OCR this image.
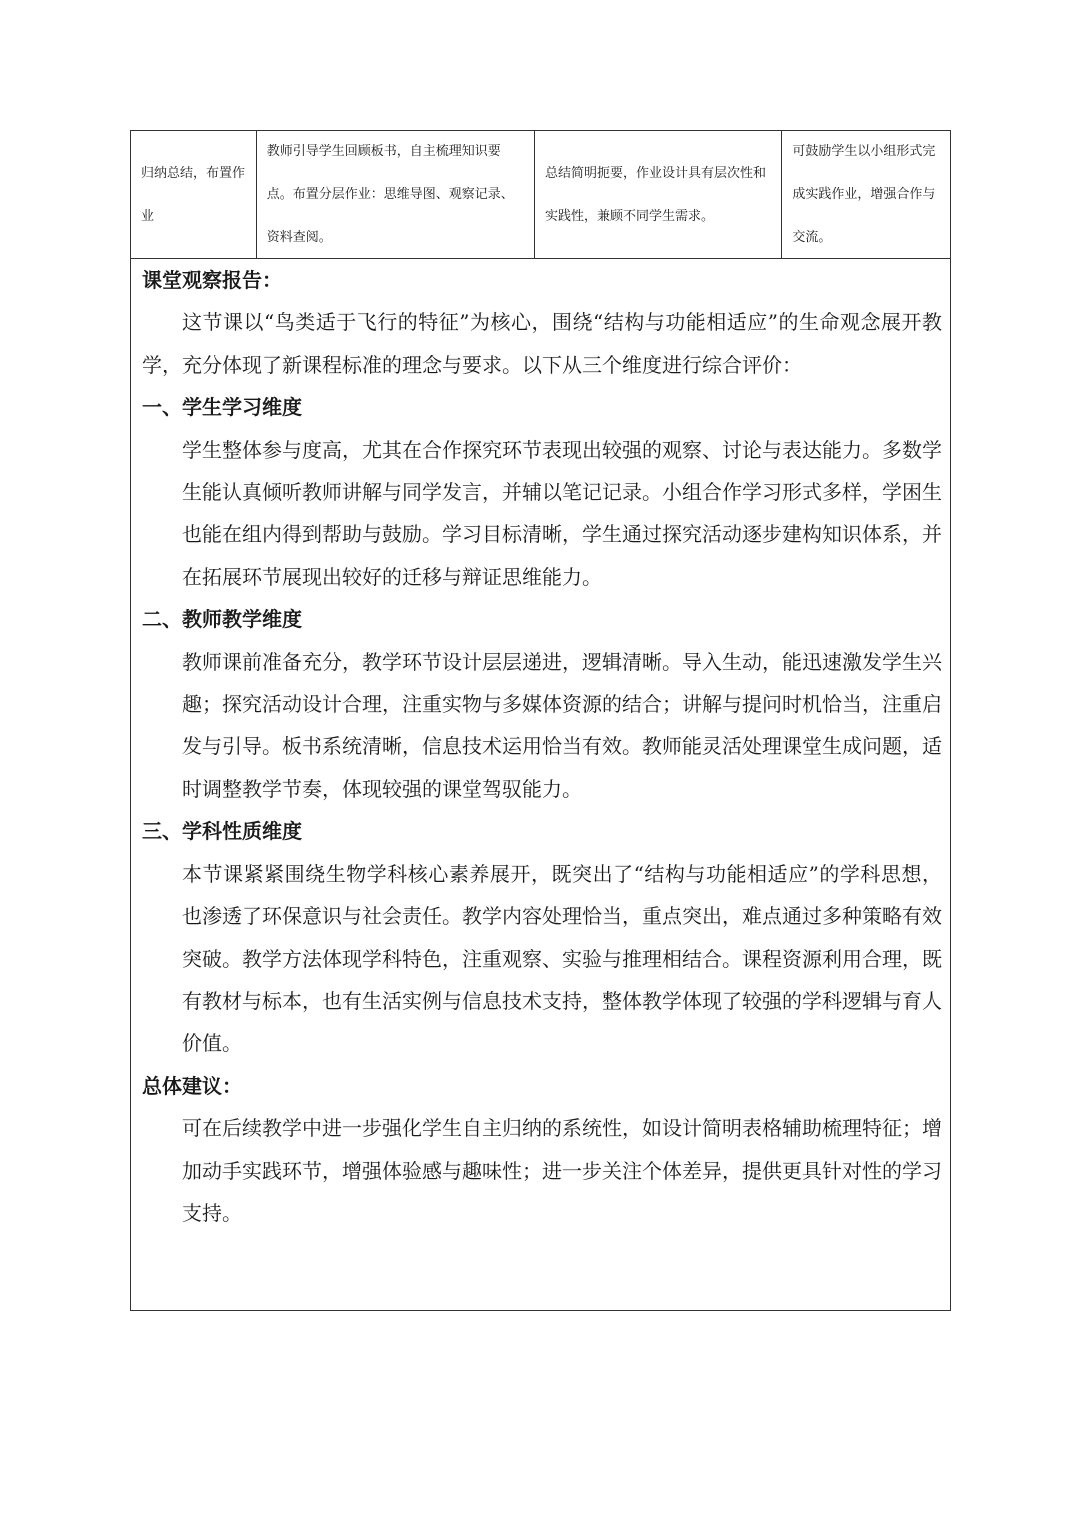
归纳总结，布置作业
教师引导学生回顾板书，自主梳理知识要点。布置分层作业：思维导图、观察记录、资料查阅。
总结简明扼要，作业设计具有层次性和实践性，兼顾不同学生需求。
可鼓励学生以小组形式完成实践作业，增强合作与交流。

课堂观察报告：

这节课以“鸟类适于飞行的特征”为核心，围绕“结构与功能相适应”的生命观念展开教学，充分体现了新课程标准的理念与要求。以下从三个维度进行综合评价：

一、学生学习维度

学生整体参与度高，尤其在合作探究环节表现出较强的观察、讨论与表达能力。多数学生能认真倾听教师讲解与同学发言，并辅以笔记记录。小组合作学习形式多样，学困生也能在组内得到帮助与鼓励。学习目标清晰，学生通过探究活动逐步建构知识体系，并在拓展环节展现出较好的迁移与辩证思维能力。

二、教师教学维度

教师课前准备充分，教学环节设计层层递进，逻辑清晰。导入生动，能迅速激发学生兴趣；探究活动设计合理，注重实物与多媒体资源的结合；讲解与提问时机恰当，注重启发与引导。板书系统清晰，信息技术运用恰当有效。教师能灵活处理课堂生成问题，适时调整教学节奏，体现较强的课堂驾驭能力。

三、学科性质维度

本节课紧紧围绕生物学科核心素养展开，既突出了“结构与功能相适应”的学科思想，也渗透了环保意识与社会责任。教学内容处理恰当，重点突出，难点通过多种策略有效突破。教学方法体现学科特色，注重观察、实验与推理相结合。课程资源利用合理，既有教材与标本，也有生活实例与信息技术支持，整体教学体现了较强的学科逻辑与育人价值。

总体建议：

可在后续教学中进一步强化学生自主归纳的系统性，如设计简明表格辅助梳理特征；增加动手实践环节，增强体验感与趣味性；进一步关注个体差异，提供更具针对性的学习支持。
